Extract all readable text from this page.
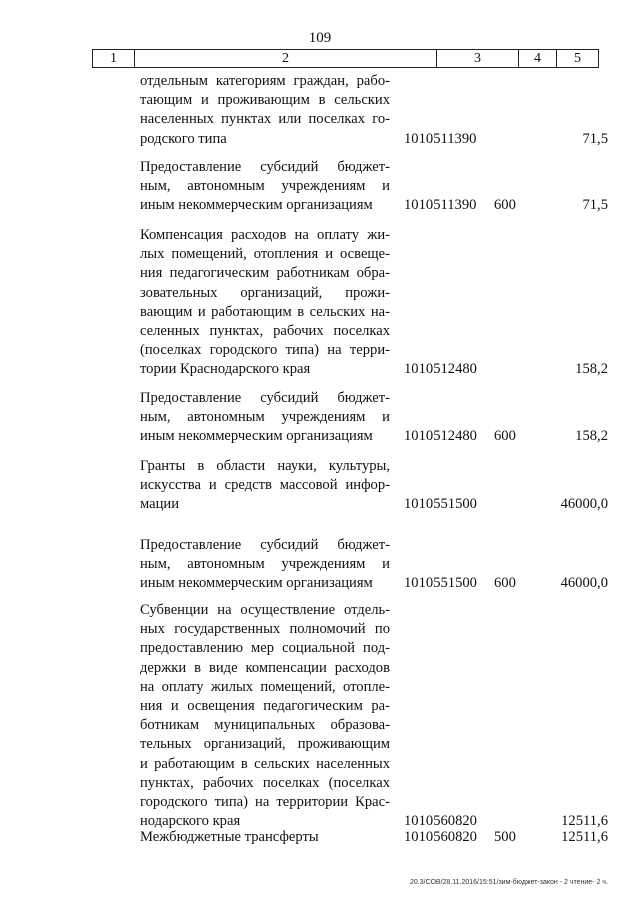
109
1	2	3	4	5
отдельным категориям граждан, рабо-
тающим и проживающим в сельских
населенных пунктах или поселках го-
родского типа	1010511390	71,5
Предоставление субсидий бюджет-
ным, автономным учреждениям и
иным некоммерческим организациям	1010511390 600	71,5
Компенсация расходов на оплату жи-
лых помещений, отопления и освеще-
ния педагогическим работникам обра-
зовательных организаций, прожи-
вающим и работающим в сельских на-
селенных пунктах, рабочих поселках
(поселках городского типа) на терри-
тории Краснодарского края	1010512480	158,2
Предоставление субсидий бюджет-
ным, автономным учреждениям и
иным некоммерческим организациям	1010512480 600	158,2
Гранты в области науки, культуры,
искусства и средств массовой инфор-
мации	1010551500	46000,0
Предоставление субсидий бюджет-
ным, автономным учреждениям и
иным некоммерческим организациям	1010551500 600	46000,0
Субвенции на осуществление отдель-
ных государственных полномочий по
предоставлению мер социальной под-
держки в виде компенсации расходов
на оплату жилых помещений, отопле-
ния и освещения педагогическим ра-
ботникам муниципальных образова-
тельных организаций, проживающим
и работающим в сельских населенных
пунктах, рабочих поселках (поселках
городского типа) на территории Крас-
нодарского края	1010560820	12511,6
Межбюджетные трансферты	1010560820 500	12511,6
20.3/СОВ/28.11.2016/15:51/зим-бюджет-закон - 2 чтение- 2 ч.
